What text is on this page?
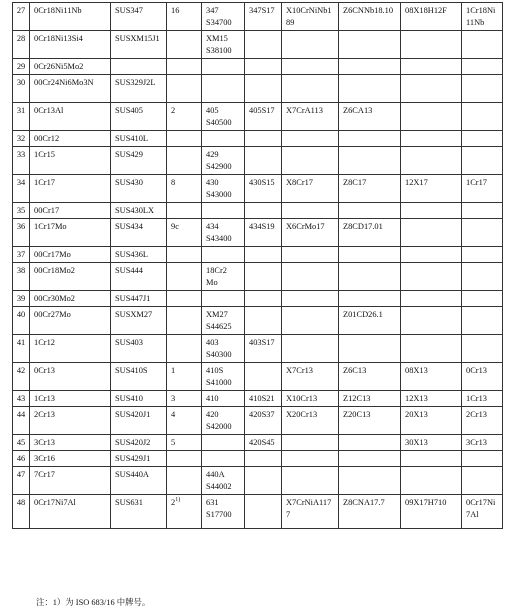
27	0Cr18Ni11Nb	SUS347	16	347
S34700	347S17	X10CrNiNb189	Z6CNNb18.10	08X18H12F	1Cr18Ni11Nb
28	0Cr18Ni13Si4	SUSXM15J1		XM15
S38100					
29	0Cr26Ni5Mo2			

30	00Cr24Ni6Mo3N	SUS329J2L		

31	0Cr13Al	SUS405	2	405
S40500	405S17	X7CrA113	Z6CA13		
32	00Cr12	SUS410L		

33	1Cr15	SUS429		429
S42900					
34	1Cr17	SUS430	8	430
S43000	430S15	X8Cr17	Z8C17	12X17	1Cr17
35	00Cr17	SUS430LX		

36	1Cr17Mo	SUS434	9c	434
S43400	434S19	X6CrMo17	Z8CD17.01		
37	00Cr17Mo	SUS436L		

38	00Cr18Mo2	SUS444		18Cr2
Mo					
39	00Cr30Mo2	SUS447J1		

40	00Cr27Mo	SUSXM27		XM27
S44625			Z01CD26.1		
41	1Cr12	SUS403		403
S40300	403S17				
42	0Cr13	SUS410S	1	410S
S41000		X7Cr13	Z6C13	08X13	0Cr13
43	1Cr13	SUS410	3	410	410S21	X10Cr13	Z12C13	12X13	1Cr13
44	2Cr13	SUS420J1	4	420
S42000	420S37	X20Cr13	Z20C13	20X13	2Cr13
45	3Cr13	SUS420J2	5		420S45			30X13	3Cr13
46	3Cr16	SUS429J1		

47	7Cr17	SUS440A		440A
S44002					
48	0Cr17Ni7Al	SUS631	2$^{1)}$	631
S17700		X7CrNiA1177	Z8CNA17.7	09X17H710	0Cr17Ni7Al
注：1）为 ISO 683/16 中牌号。
